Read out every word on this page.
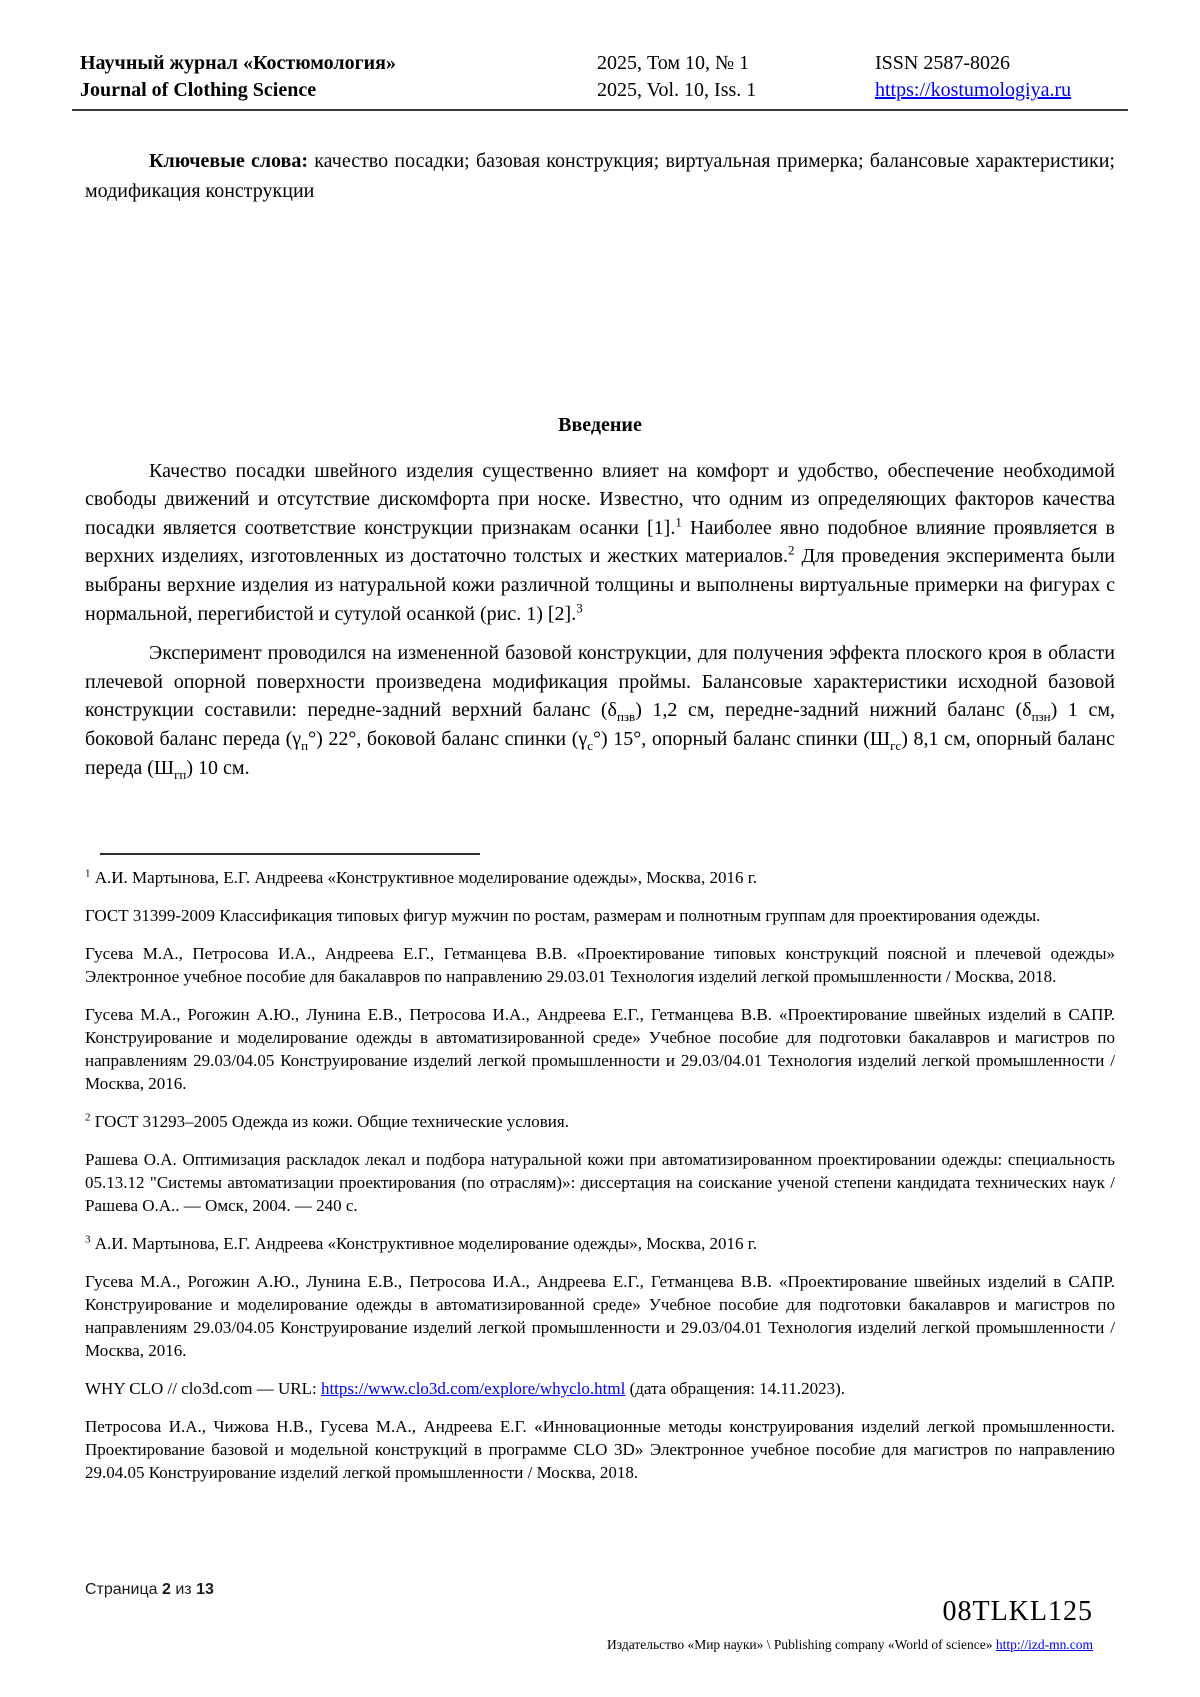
Научный журнал «Костюмология»
Journal of Clothing Science
2025, Том 10, № 1
2025, Vol. 10, Iss. 1
ISSN 2587-8026
https://kostumologiya.ru

Ключевые слова: качество посадки; базовая конструкция; виртуальная примерка; балансовые характеристики; модификация конструкции

Введение

Качество посадки швейного изделия существенно влияет на комфорт и удобство, обеспечение необходимой свободы движений и отсутствие дискомфорта при носке. Известно, что одним из определяющих факторов качества посадки является соответствие конструкции признакам осанки [1].$^1$ Наиболее явно подобное влияние проявляется в верхних изделиях, изготовленных из достаточно толстых и жестких материалов.$^2$ Для проведения эксперимента были выбраны верхние изделия из натуральной кожи различной толщины и выполнены виртуальные примерки на фигурах с нормальной, перегибистой и сутулой осанкой (рис. 1) [2].$^3$

Эксперимент проводился на измененной базовой конструкции, для получения эффекта плоского кроя в области плечевой опорной поверхности произведена модификация проймы. Балансовые характеристики исходной базовой конструкции составили: передне-задний верхний баланс $(\delta_{пзв})$ 1,2 см, передне-задний нижний баланс $(\delta_{пзн})$ 1 см, боковой баланс переда $(\gamma_п^\circ)$ 22°, боковой баланс спинки $(\gamma_с^\circ)$ 15°, опорный баланс спинки $(Ш_{гс})$ 8,1 см, опорный баланс переда $(Ш_{гп})$ 10 см.

$^1$ А.И. Мартынова, Е.Г. Андреева «Конструктивное моделирование одежды», Москва, 2016 г.

ГОСТ 31399-2009 Классификация типовых фигур мужчин по ростам, размерам и полнотным группам для проектирования одежды.

Гусева М.А., Петросова И.А., Андреева Е.Г., Гетманцева В.В. «Проектирование типовых конструкций поясной и плечевой одежды» Электронное учебное пособие для бакалавров по направлению 29.03.01 Технология изделий легкой промышленности / Москва, 2018.

Гусева М.А., Рогожин А.Ю., Лунина Е.В., Петросова И.А., Андреева Е.Г., Гетманцева В.В. «Проектирование швейных изделий в САПР. Конструирование и моделирование одежды в автоматизированной среде» Учебное пособие для подготовки бакалавров и магистров по направлениям 29.03/04.05 Конструирование изделий легкой промышленности и 29.03/04.01 Технология изделий легкой промышленности / Москва, 2016.

$^2$ ГОСТ 31293–2005 Одежда из кожи. Общие технические условия.

Рашева О.А. Оптимизация раскладок лекал и подбора натуральной кожи при автоматизированном проектировании одежды: специальность 05.13.12 "Системы автоматизации проектирования (по отраслям)»: диссертация на соискание ученой степени кандидата технических наук / Рашева О.А.. — Омск, 2004. — 240 с.

$^3$ А.И. Мартынова, Е.Г. Андреева «Конструктивное моделирование одежды», Москва, 2016 г.

Гусева М.А., Рогожин А.Ю., Лунина Е.В., Петросова И.А., Андреева Е.Г., Гетманцева В.В. «Проектирование швейных изделий в САПР. Конструирование и моделирование одежды в автоматизированной среде» Учебное пособие для подготовки бакалавров и магистров по направлениям 29.03/04.05 Конструирование изделий легкой промышленности и 29.03/04.01 Технология изделий легкой промышленности / Москва, 2016.

WHY CLO // clo3d.com — URL: https://www.clo3d.com/explore/whyclo.html (дата обращения: 14.11.2023).

Петросова И.А., Чижова Н.В., Гусева М.А., Андреева Е.Г. «Инновационные методы конструирования изделий легкой промышленности. Проектирование базовой и модельной конструкций в программе CLO 3D» Электронное учебное пособие для магистров по направлению 29.04.05 Конструирование изделий легкой промышленности / Москва, 2018.

Страница 2 из 13
08TLKL125
Издательство «Мир науки» \ Publishing company «World of science» http://izd-mn.com
